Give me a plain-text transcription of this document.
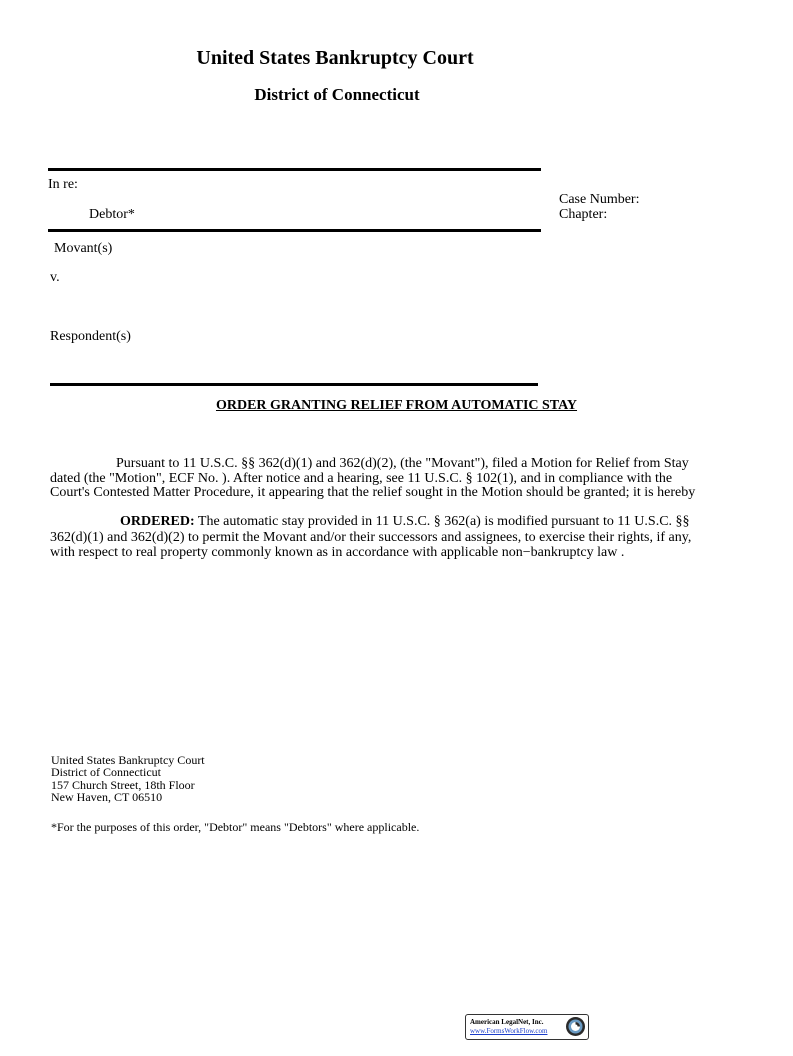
United States Bankruptcy Court
District of Connecticut
In re:
Debtor*
Case Number:
Chapter:
Movant(s)
v.
Respondent(s)
ORDER GRANTING RELIEF FROM AUTOMATIC STAY
Pursuant to 11 U.S.C. §§ 362(d)(1) and 362(d)(2), (the "Movant"), filed a Motion for Relief from Stay
dated (the "Motion", ECF No. ). After notice and a hearing, see 11 U.S.C. § 102(1), and in compliance with the
Court's Contested Matter Procedure, it appearing that the relief sought in the Motion should be granted; it is hereby
ORDERED: The automatic stay provided in 11 U.S.C. § 362(a) is modified pursuant to 11 U.S.C. §§
362(d)(1) and 362(d)(2) to permit the Movant and/or their successors and assignees, to exercise their rights, if any,
with respect to real property commonly known as in accordance with applicable non−bankruptcy law .
United States Bankruptcy Court
District of Connecticut
157 Church Street, 18th Floor
New Haven, CT 06510
*For the purposes of this order, "Debtor" means "Debtors" where applicable.
American LegalNet, Inc.
www.FormsWorkFlow.com
